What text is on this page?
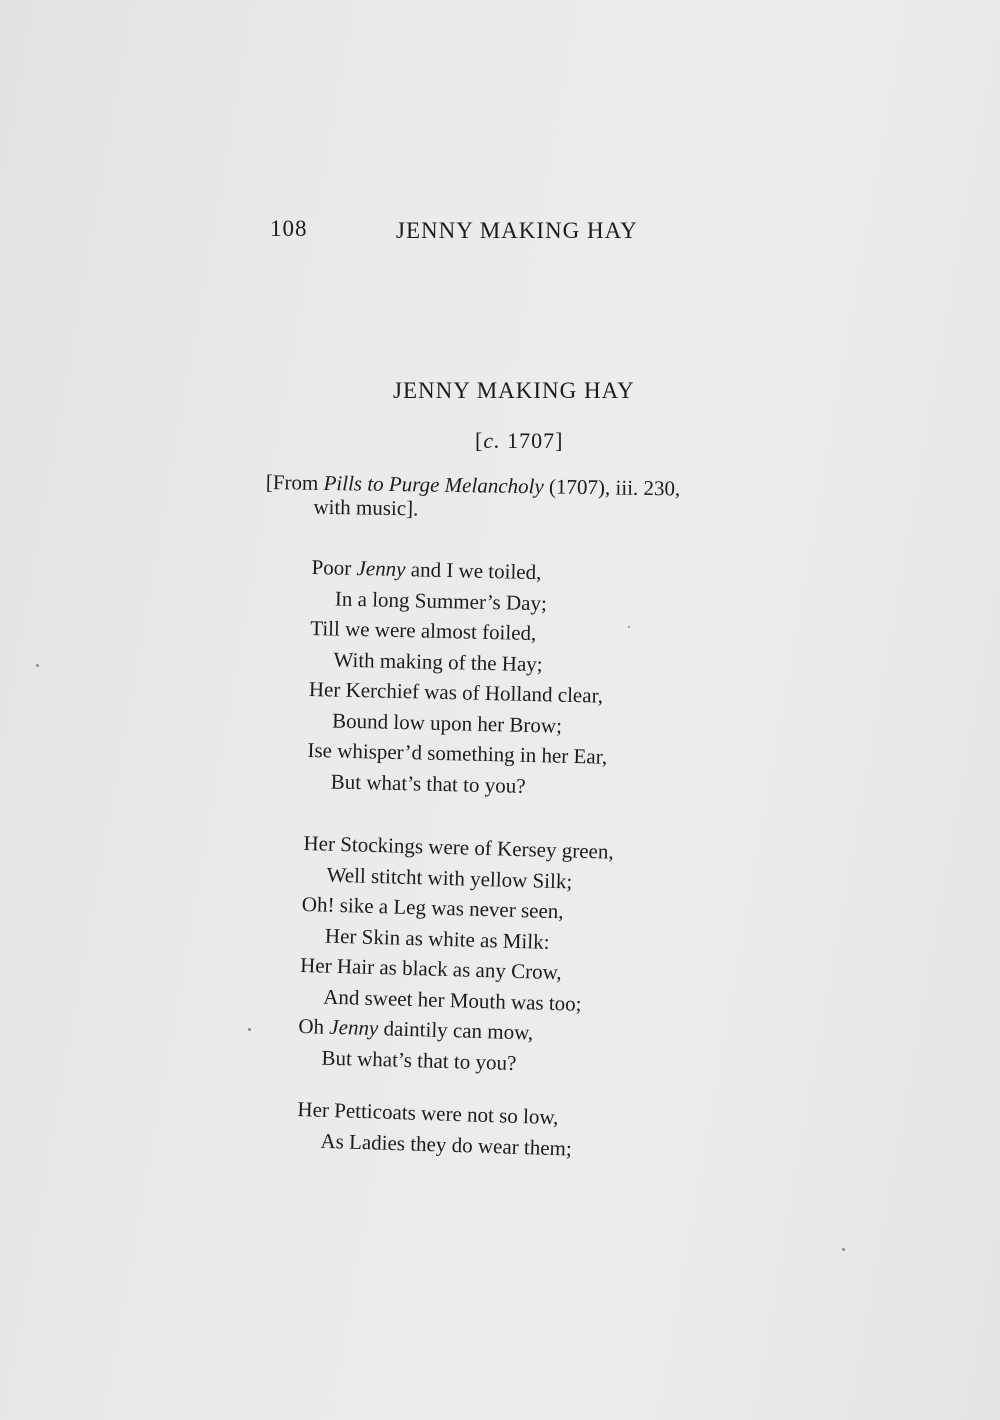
108	JENNY MAKING HAY
JENNY MAKING HAY
[c. 1707]
[From Pills to Purge Melancholy (1707), iii. 230,
with music].
Poor Jenny and I we toiled,
In a long Summer’s Day;
Till we were almost foiled,
With making of the Hay;
Her Kerchief was of Holland clear,
Bound low upon her Brow;
Ise whisper’d something in her Ear,
But what’s that to you?
Her Stockings were of Kersey green,
Well stitcht with yellow Silk;
Oh! sike a Leg was never seen,
Her Skin as white as Milk:
Her Hair as black as any Crow,
And sweet her Mouth was too;
Oh Jenny daintily can mow,
But what’s that to you?
Her Petticoats were not so low,
As Ladies they do wear them;
